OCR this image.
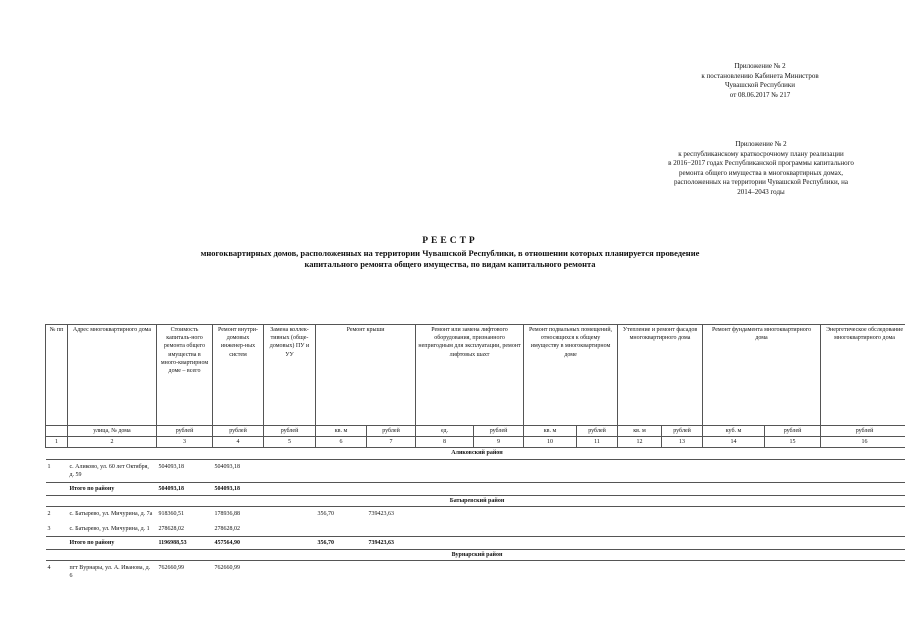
Приложение № 2
к постановлению Кабинета Министров
Чувашской Республики
от 08.06.2017 № 217
Приложение № 2
к республиканскому краткосрочному плану реализации
в 2016−2017 годах Республиканской программы капитального
ремонта общего имущества в многоквартирных домах,
расположенных на территории Чувашской Республики, на
2014–2043 годы
РЕЕСТР
многоквартирных домов, расположенных на территории Чувашской Республики, в отношении которых планируется проведение
капитального ремонта общего имущества, по видам капитального ремонта
№ пп	Адрес многоквартирного дома	Стоимость капиталь-ного ремонта общего имущества в много-квартирном доме – всего	Ремонт внутри-домовых инженер-ных систем	Замена коллек-тивных (обще-домовых) ПУ и УУ	Ремонт крыши		Ремонт или замена лифтового оборудования, признанного непригодным для эксплуатации, ремонт лифтовых шахт		Ремонт подвальных помещений, относящихся к общему имуществу в многоквартирном доме		Утепление и ремонт фасадов многоквартирного дома		Ремонт фундамента многоквартирного дома		Энергетическое обследование многоквартирного дома
	улица, № дома	рублей	рублей	рублей	кв. м	рублей	ед.	рублей	кв. м	рублей	кв. м	рублей	куб. м	рублей	рублей
1	2	3	4	5	6	7	8	9	10	11	12	13	14	15	16
Аликовский район															
1	с. Аликово, ул. 60 лет Октября, д. 59	504093,18	504093,18												
	Итого по району	504093,18	504093,18												
Батыревский район															
2	с. Батырево, ул. Мичурина, д. 7а	918360,51	178936,88		356,70	739423,63									
3	с. Батырево, ул. Мичурина, д. 1	278628,02	278628,02												
	Итого по району	1196988,53	457564,90		356,70	739423,63									
Вурнарский район															
4	пгт Вурнары, ул. А. Иванова, д. 6	762660,99	762660,99												
